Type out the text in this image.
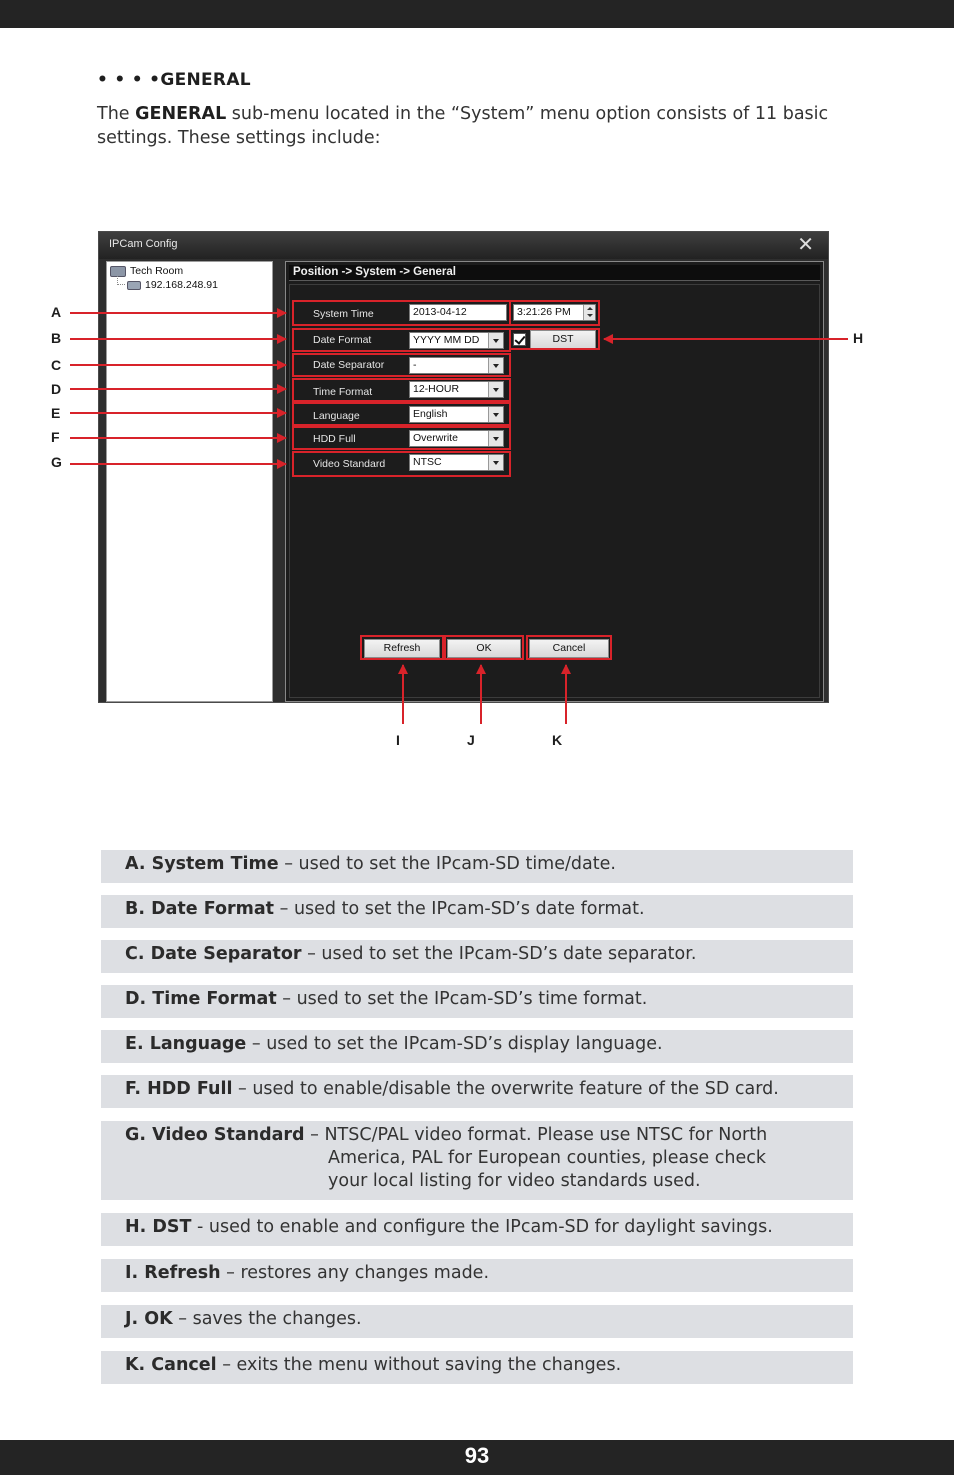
• • • •GENERAL

The GENERAL sub-menu located in the “System” menu option consists of 11 basic settings. These settings include:

IPCam Config	✕
Tech Room
192.168.248.91
Position -> System -> General
System Time	2013-04-12	3:21:26 PM
Date Format	YYYY MM DD	DST
Date Separator	-
Time Format	12-HOUR
Language	English
HDD Full	Overwrite
Video Standard	NTSC
Refresh	OK	Cancel
A
B
C
D
E
F
G
H
I	J	K
A. System Time – used to set the IPcam-SD time/date.
B. Date Format – used to set the IPcam-SD’s date format.
C. Date Separator – used to set the IPcam-SD’s date separator.
D. Time Format – used to set the IPcam-SD’s time format.
E. Language – used to set the IPcam-SD’s display language.
F. HDD Full – used to enable/disable the overwrite feature of the SD card.
G. Video Standard – NTSC/PAL video format. Please use NTSC for North
America, PAL for European counties, please check
your local listing for video standards used.
H. DST - used to enable and configure the IPcam-SD for daylight savings.
I. Refresh – restores any changes made.
J. OK – saves the changes.
K. Cancel – exits the menu without saving the changes.
93
